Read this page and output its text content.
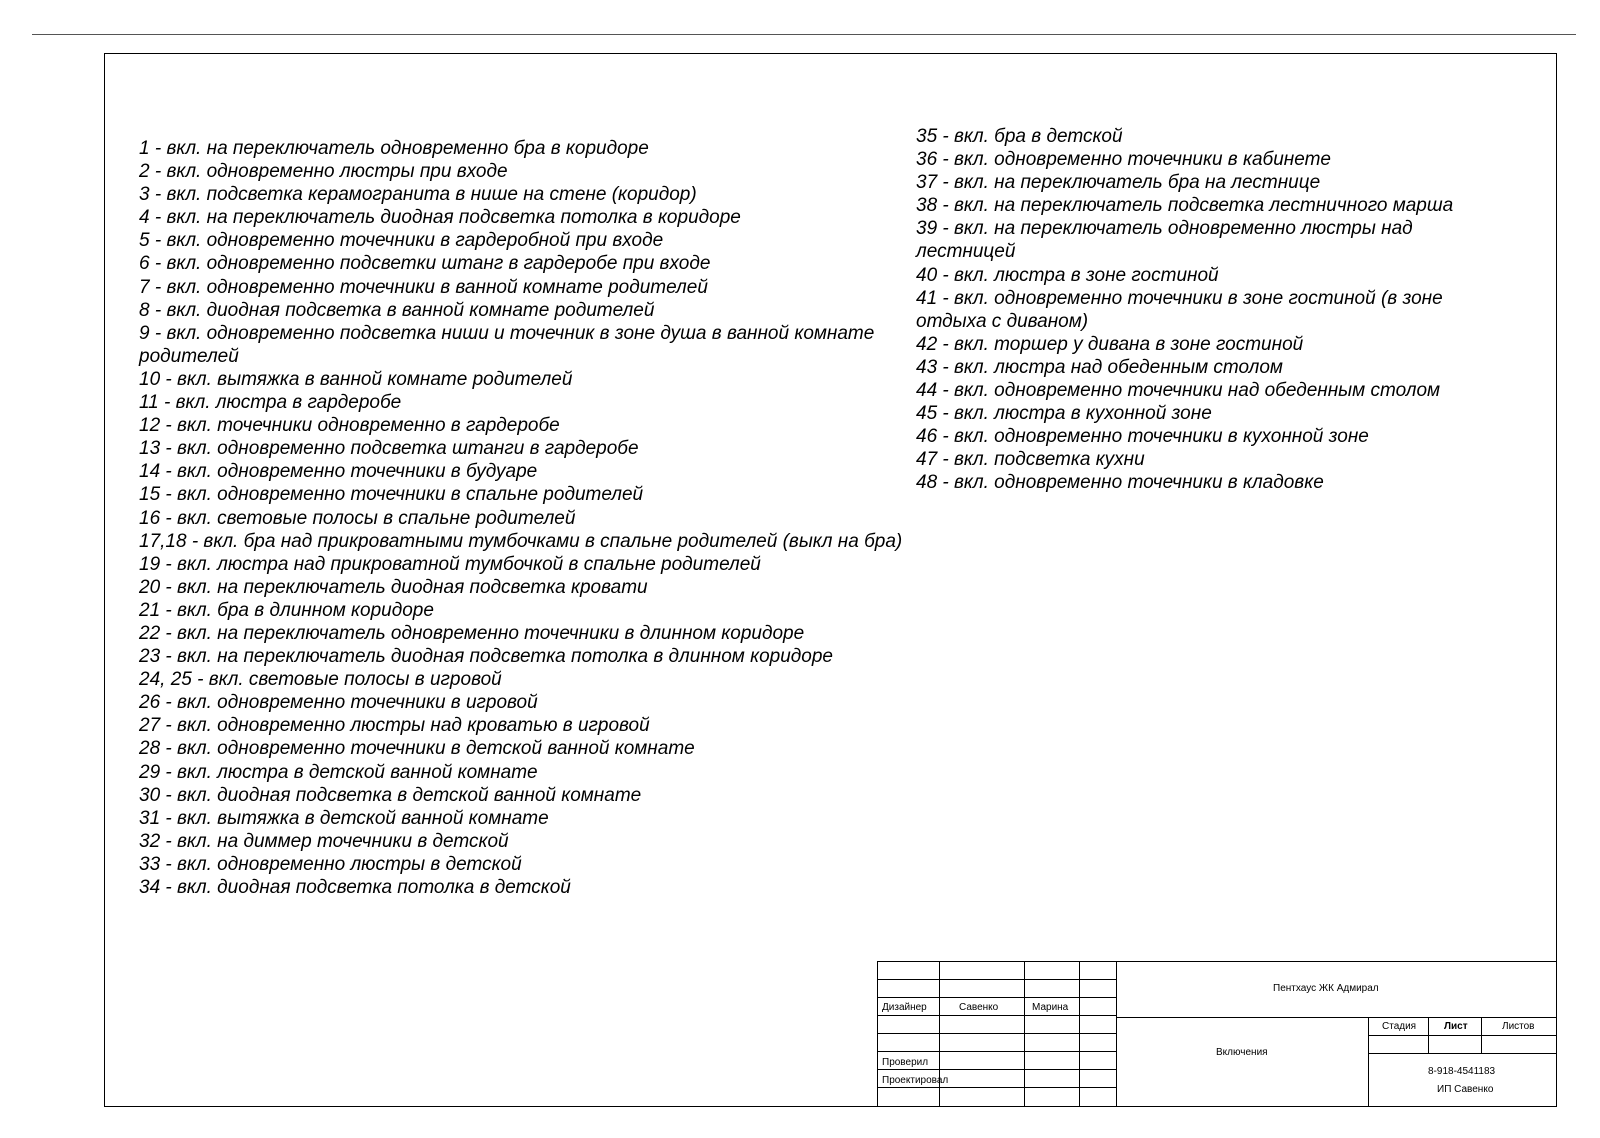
1 - вкл. на переключатель одновременно бра в коридоре

2 - вкл. одновременно люстры при входе

3 - вкл. подсветка керамогранита в нише на стене (коридор)

4 - вкл. на переключатель диодная подсветка потолка в коридоре

5 - вкл. одновременно точечники в гардеробной при входе

6 - вкл. одновременно подсветки штанг в гардеробе при входе

7 - вкл. одновременно точечники в ванной комнате родителей

8 - вкл. диодная подсветка в ванной комнате родителей

9 - вкл. одновременно подсветка ниши и точечник в зоне душа в ванной комнате родителей

10 - вкл. вытяжка в ванной комнате родителей

11 - вкл. люстра в гардеробе

12 - вкл. точечники одновременно в гардеробе

13 - вкл. одновременно подсветка штанги в гардеробе

14 - вкл. одновременно точечники в будуаре

15 - вкл. одновременно точечники в спальне родителей

16 - вкл. световые полосы в спальне родителей

17,18 - вкл. бра над прикроватными тумбочками в спальне родителей (выкл на бра)

19 - вкл. люстра над прикроватной тумбочкой в спальне родителей

20 - вкл. на переключатель диодная подсветка кровати

21 - вкл. бра в длинном коридоре

22 - вкл. на переключатель одновременно точечники в длинном коридоре

23 - вкл. на переключатель диодная подсветка потолка в длинном коридоре

24, 25 - вкл. световые полосы в игровой

26 - вкл. одновременно точечники в игровой

27 - вкл. одновременно люстры над кроватью в игровой

28 - вкл. одновременно точечники в детской ванной комнате

29 - вкл. люстра в детской ванной комнате

30 - вкл. диодная подсветка в детской ванной комнате

31 - вкл. вытяжка в детской ванной комнате

32 - вкл. на диммер точечники в детской

33 - вкл. одновременно люстры в детской

34 - вкл. диодная подсветка потолка в детской

35 - вкл. бра в детской

36 - вкл. одновременно точечники в кабинете

37 - вкл. на переключатель бра на лестнице

38 - вкл. на переключатель подсветка лестничного марша

39 - вкл. на переключатель одновременно люстры над лестницей

40 - вкл. люстра в зоне гостиной

41 - вкл. одновременно точечники в зоне гостиной (в зоне отдыха с диваном)

42 - вкл. торшер у дивана в зоне гостиной

43 - вкл. люстра над обеденным столом

44 - вкл. одновременно точечники над обеденным столом

45 - вкл. люстра в кухонной зоне

46 - вкл. одновременно точечники в кухонной зоне

47 - вкл. подсветка кухни

48 - вкл. одновременно точечники в кладовке

Дизайнер	Савенко	Марина
Проверил
Проектировал
Пентхаус ЖК Адмирал
Включения
Стадия	Лист	Листов
8-918-4541183
ИП Савенко
